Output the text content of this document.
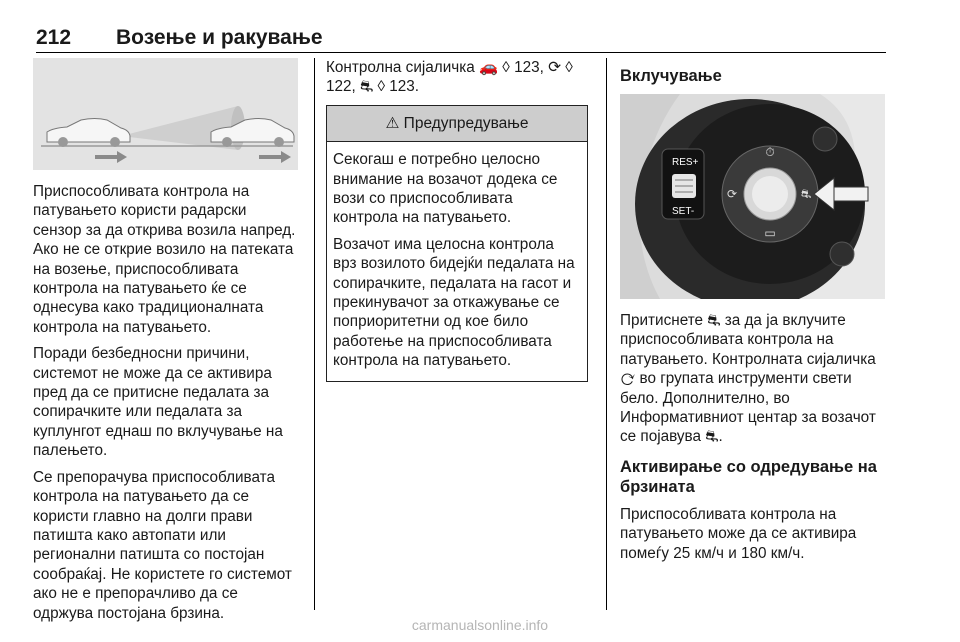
212 Возење и ракување

Приспособливата контрола на патувањето користи радарски сензор за да открива возила напред. Ако не се открие возило на патеката на возење, приспособливата контрола на патувањето ќе се однесува како традиционалната контрола на патувањето.

Поради безбедносни причини, системот не може да се активира пред да се притисне педалата за сопирачките или педалата за куплунгот еднаш по вклучување на палењето.

Се препорачува приспособливата контрола на патувањето да се користи главно на долги прави патишта како автопати или регионални патишта со постојан сообраќај. Не користете го системот ако не е препорачливо да се одржува постојана брзина.

Контролна сијаличка 🚗 ◊ 123, ⟳ ◊ 122, ⛐ ◊ 123.

⚠ Предупредување

Секогаш е потребно целосно внимание на возачот додека се вози со приспособливата контрола на патувањето.

Возачот има целосна контрола врз возилото бидејќи педалата на сопирачките, педалата на гасот и прекинувачот за откажување се поприоритетни од кое било работење на приспособливата контрола на патувањето.

Вклучување
RES+
SET-
⏱
⟳	⛐
▭

Притиснете ⛐ за да ја вклучите приспособливата контрола на патувањето. Контролната сијаличка ⟳ во групата инструменти свети бело. Дополнително, во Информативниот центар за возачот се појавува ⛐.

Активирање со одредување на брзината

Приспособливата контрола на патувањето може да се активира помеѓу 25 км/ч и 180 км/ч.

carmanualsonline.info
